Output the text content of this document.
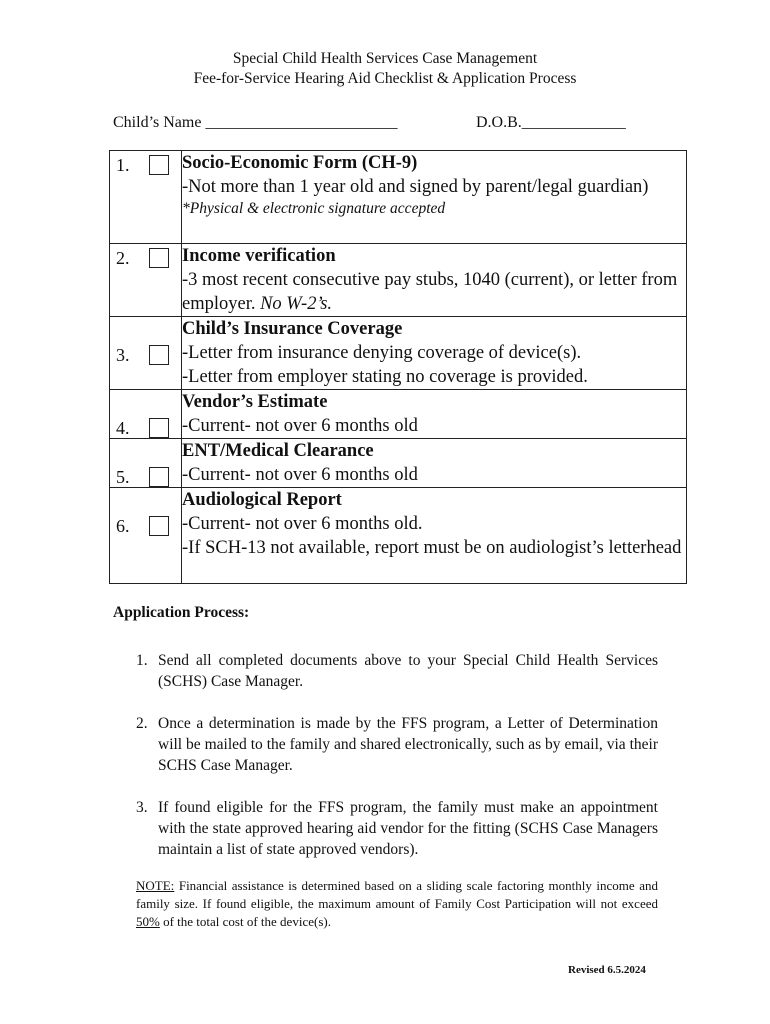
Special Child Health Services Case Management
Fee-for-Service Hearing Aid Checklist & Application Process
Child’s Name ________________________	D.O.B._____________
1.	Socio-Economic Form (CH-9)
-Not more than 1 year old and signed by parent/legal guardian)
*Physical & electronic signature accepted

2.	Income verification
-3 most recent consecutive pay stubs, 1040 (current), or letter from employer. No W-2’s.

3.	Child’s Insurance Coverage
-Letter from insurance denying coverage of device(s).
-Letter from employer stating no coverage is provided.

4.	Vendor’s Estimate
-Current- not over 6 months old

5.	ENT/Medical Clearance
-Current- not over 6 months old

6.	Audiological Report
-Current- not over 6 months old.
-If SCH-13 not available, report must be on audiologist’s letterhead
Application Process:
1. Send all completed documents above to your Special Child Health Services (SCHS) Case Manager.
2. Once a determination is made by the FFS program, a Letter of Determination will be mailed to the family and shared electronically, such as by email, via their SCHS Case Manager.
3. If found eligible for the FFS program, the family must make an appointment with the state approved hearing aid vendor for the fitting (SCHS Case Managers maintain a list of state approved vendors).
NOTE: Financial assistance is determined based on a sliding scale factoring monthly income and family size. If found eligible, the maximum amount of Family Cost Participation will not exceed 50% of the total cost of the device(s).
Revised 6.5.2024
